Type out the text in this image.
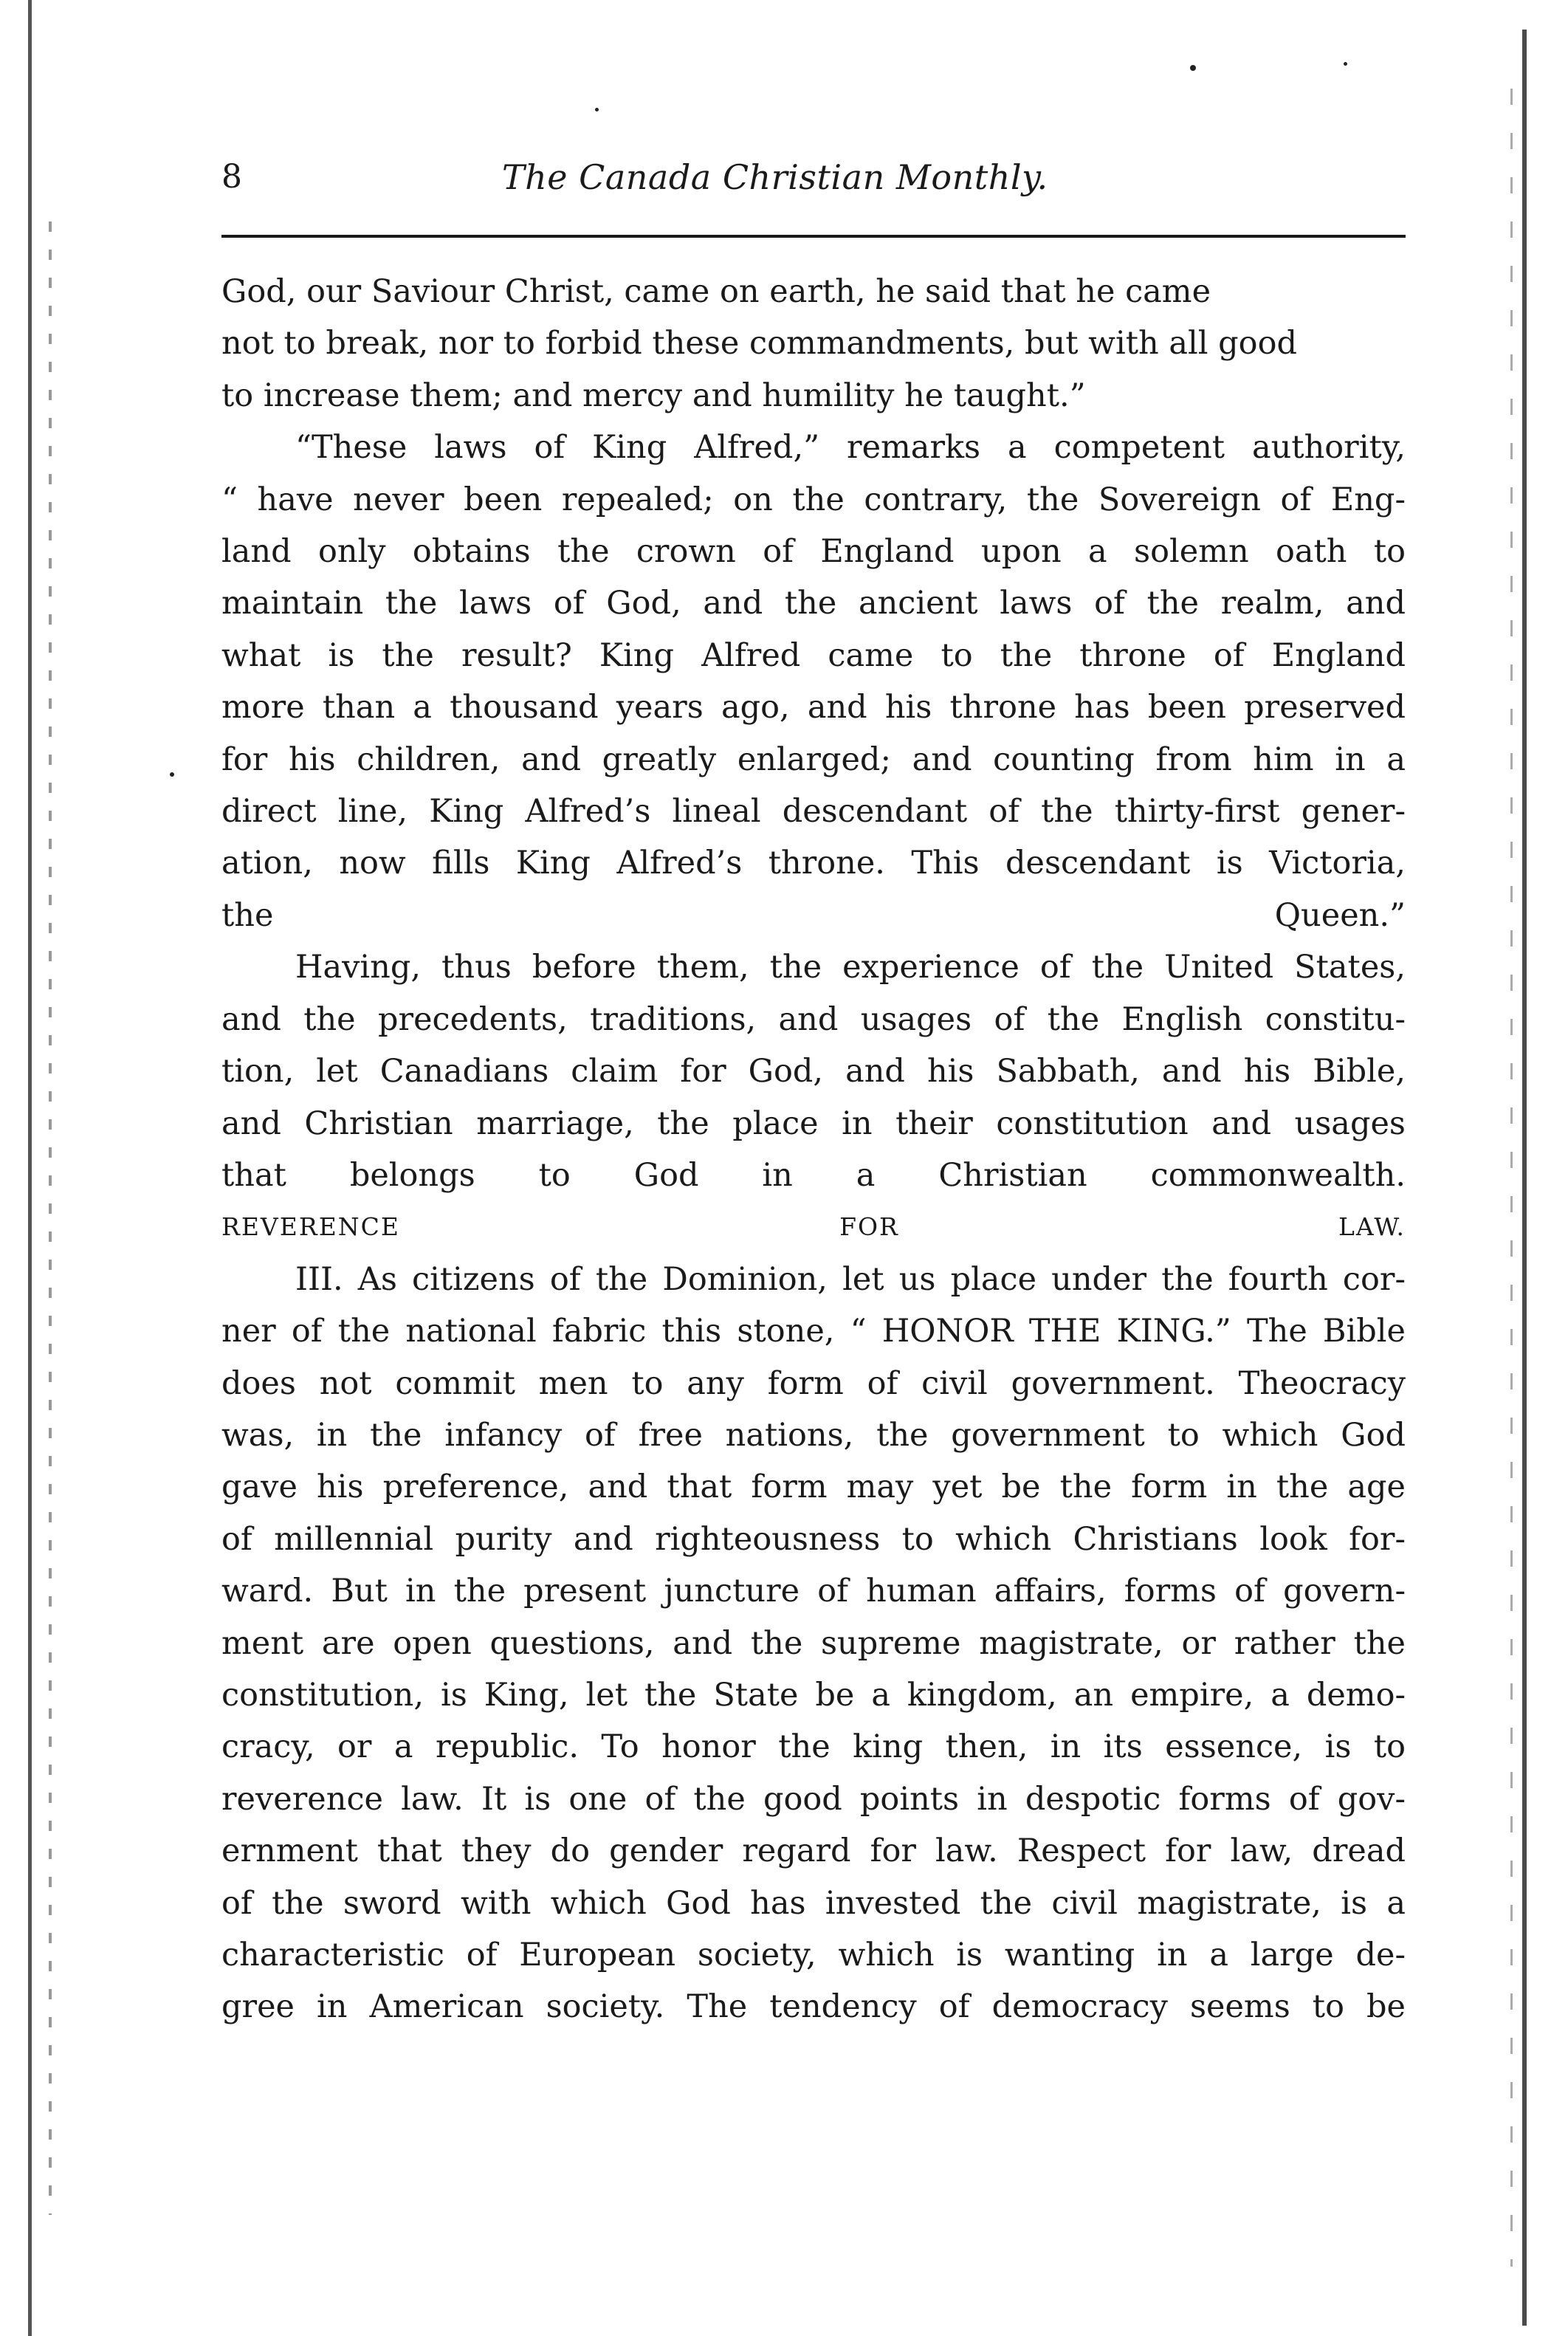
8	The Canada Christian Monthly.

God, our Saviour Christ, came on earth, he said that he came
not to break, nor to forbid these commandments, but with all good
to increase them; and mercy and humility he taught.”

“These laws of King Alfred,” remarks a competent authority,
“ have never been repealed; on the contrary, the Sovereign of Eng-
land only obtains the crown of England upon a solemn oath to
maintain the laws of God, and the ancient laws of the realm, and
what is the result? King Alfred came to the throne of England
more than a thousand years ago, and his throne has been preserved
for his children, and greatly enlarged; and counting from him in a
direct line, King Alfred’s lineal descendant of the thirty-first gener-
ation, now fills King Alfred’s throne. This descendant is Victoria,
the Queen.”

Having, thus before them, the experience of the United States,
and the precedents, traditions, and usages of the English constitu-
tion, let Canadians claim for God, and his Sabbath, and his Bible,
and Christian marriage, the place in their constitution and usages
that belongs to God in a Christian commonwealth.

REVERENCE FOR LAW.

III. As citizens of the Dominion, let us place under the fourth cor-
ner of the national fabric this stone, “ HONOR THE KING.” The Bible
does not commit men to any form of civil government. Theocracy
was, in the infancy of free nations, the government to which God
gave his preference, and that form may yet be the form in the age
of millennial purity and righteousness to which Christians look for-
ward. But in the present juncture of human affairs, forms of govern-
ment are open questions, and the supreme magistrate, or rather the
constitution, is King, let the State be a kingdom, an empire, a demo-
cracy, or a republic. To honor the king then, in its essence, is to
reverence law. It is one of the good points in despotic forms of gov-
ernment that they do gender regard for law. Respect for law, dread
of the sword with which God has invested the civil magistrate, is a
characteristic of European society, which is wanting in a large de-
gree in American society. The tendency of democracy seems to be
